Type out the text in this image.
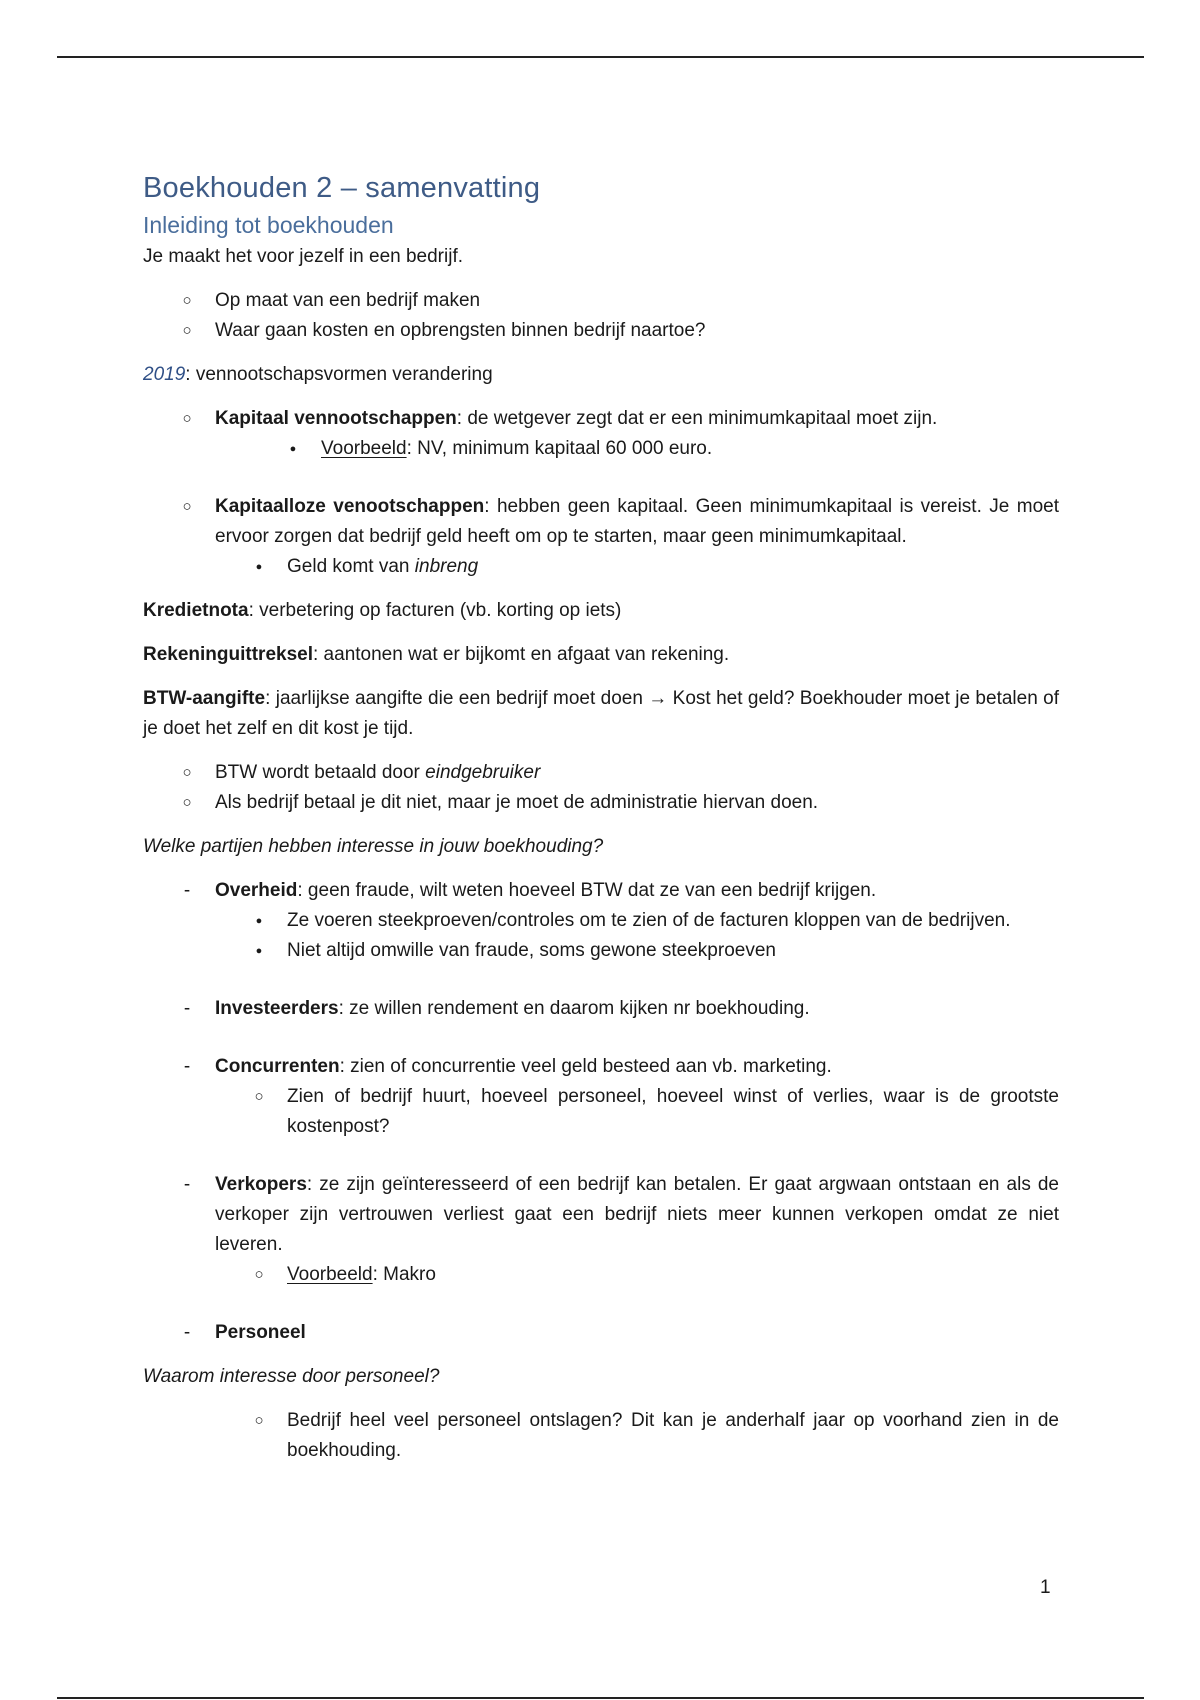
Boekhouden 2 – samenvatting
Inleiding tot boekhouden

Je maakt het voor jezelf in een bedrijf.

○ Op maat van een bedrijf maken
○ Waar gaan kosten en opbrengsten binnen bedrijf naartoe?

2019: vennootschapsvormen verandering

○ Kapitaal vennootschappen: de wetgever zegt dat er een minimumkapitaal moet zijn.
●	Voorbeeld: NV, minimum kapitaal 60 000 euro.
○ Kapitaalloze venootschappen: hebben geen kapitaal. Geen minimumkapitaal is vereist. Je moet ervoor zorgen dat bedrijf geld heeft om op te starten, maar geen minimumkapitaal.
●	Geld komt van inbreng

Kredietnota: verbetering op facturen (vb. korting op iets)

Rekeninguittreksel: aantonen wat er bijkomt en afgaat van rekening.

BTW-aangifte: jaarlijkse aangifte die een bedrijf moet doen → Kost het geld? Boekhouder moet je betalen of je doet het zelf en dit kost je tijd.

○ BTW wordt betaald door eindgebruiker
○ Als bedrijf betaal je dit niet, maar je moet de administratie hiervan doen.

Welke partijen hebben interesse in jouw boekhouding?

-	Overheid: geen fraude, wilt weten hoeveel BTW dat ze van een bedrijf krijgen.
●	Ze voeren steekproeven/controles om te zien of de facturen kloppen van de bedrijven.
●	Niet altijd omwille van fraude, soms gewone steekproeven
-	Investeerders: ze willen rendement en daarom kijken nr boekhouding.
-	Concurrenten: zien of concurrentie veel geld besteed aan vb. marketing.
○ Zien of bedrijf huurt, hoeveel personeel, hoeveel winst of verlies, waar is de grootste kostenpost?
-	Verkopers: ze zijn geïnteresseerd of een bedrijf kan betalen. Er gaat argwaan ontstaan en als de verkoper zijn vertrouwen verliest gaat een bedrijf niets meer kunnen verkopen omdat ze niet leveren.
○ Voorbeeld: Makro
-	Personeel

Waarom interesse door personeel?

○ Bedrijf heel veel personeel ontslagen? Dit kan je anderhalf jaar op voorhand zien in de boekhouding.
1
